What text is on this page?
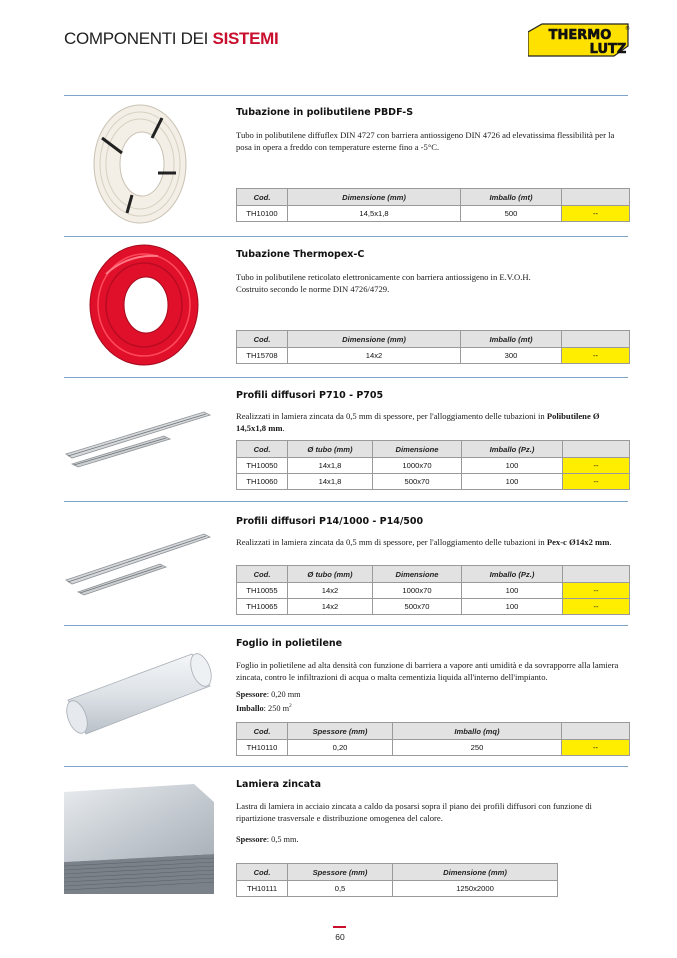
COMPONENTI DEI SISTEMI	THERMO
LUTZ
®
Tubazione in polibutilene PBDF-S
Tubo in polibutilene diffuflex DIN 4727 con barriera antiossigeno DIN 4726 ad elevatissima flessibilità per la posa in opera a freddo con temperature esterne fino a -5°C.
Cod.	Dimensione (mm)	Imballo (mt)	
TH10100	14,5x1,8	500	--
Tubazione Thermopex-C
Tubo in polibutilene reticolato elettronicamente con barriera antiossigeno in E.V.O.H.
Costruito secondo le norme DIN 4726/4729.
Cod.	Dimensione (mm)	Imballo (mt)	
TH15708	14x2	300	--
Profili diffusori P710 - P705
Realizzati in lamiera zincata da 0,5 mm di spessore, per l'alloggiamento delle tubazioni in Polibutilene Ø 14,5x1,8 mm.
Cod.	Ø tubo (mm)	Dimensione	Imballo (Pz.)	
TH10050	14x1,8	1000x70	100	--
TH10060	14x1,8	500x70	100	--
Profili diffusori P14/1000 - P14/500
Realizzati in lamiera zincata da 0,5 mm di spessore, per l'alloggiamento delle tubazioni in Pex-c Ø14x2 mm.
Cod.	Ø tubo (mm)	Dimensione	Imballo (Pz.)	
TH10055	14x2	1000x70	100	--
TH10065	14x2	500x70	100	--
Foglio in polietilene
Foglio in polietilene ad alta densità con funzione di barriera a vapore anti umidità e da sovrapporre alla lamiera zincata, contro le infiltrazioni di acqua o malta cementizia liquida all'interno dell'impianto.
Spessore: 0,20 mm
Imballo: 250 $m^2$
Cod.	Spessore (mm)	Imballo (mq)	
TH10110	0,20	250	--
Lamiera zincata
Lastra di lamiera in acciaio zincata a caldo da posarsi sopra il piano dei profili diffusori con funzione di ripartizione trasversale e distribuzione omogenea del calore.
Spessore: 0,5 mm.
Cod.	Spessore (mm)	Dimensione (mm)
TH10111	0,5	1250x2000
60
